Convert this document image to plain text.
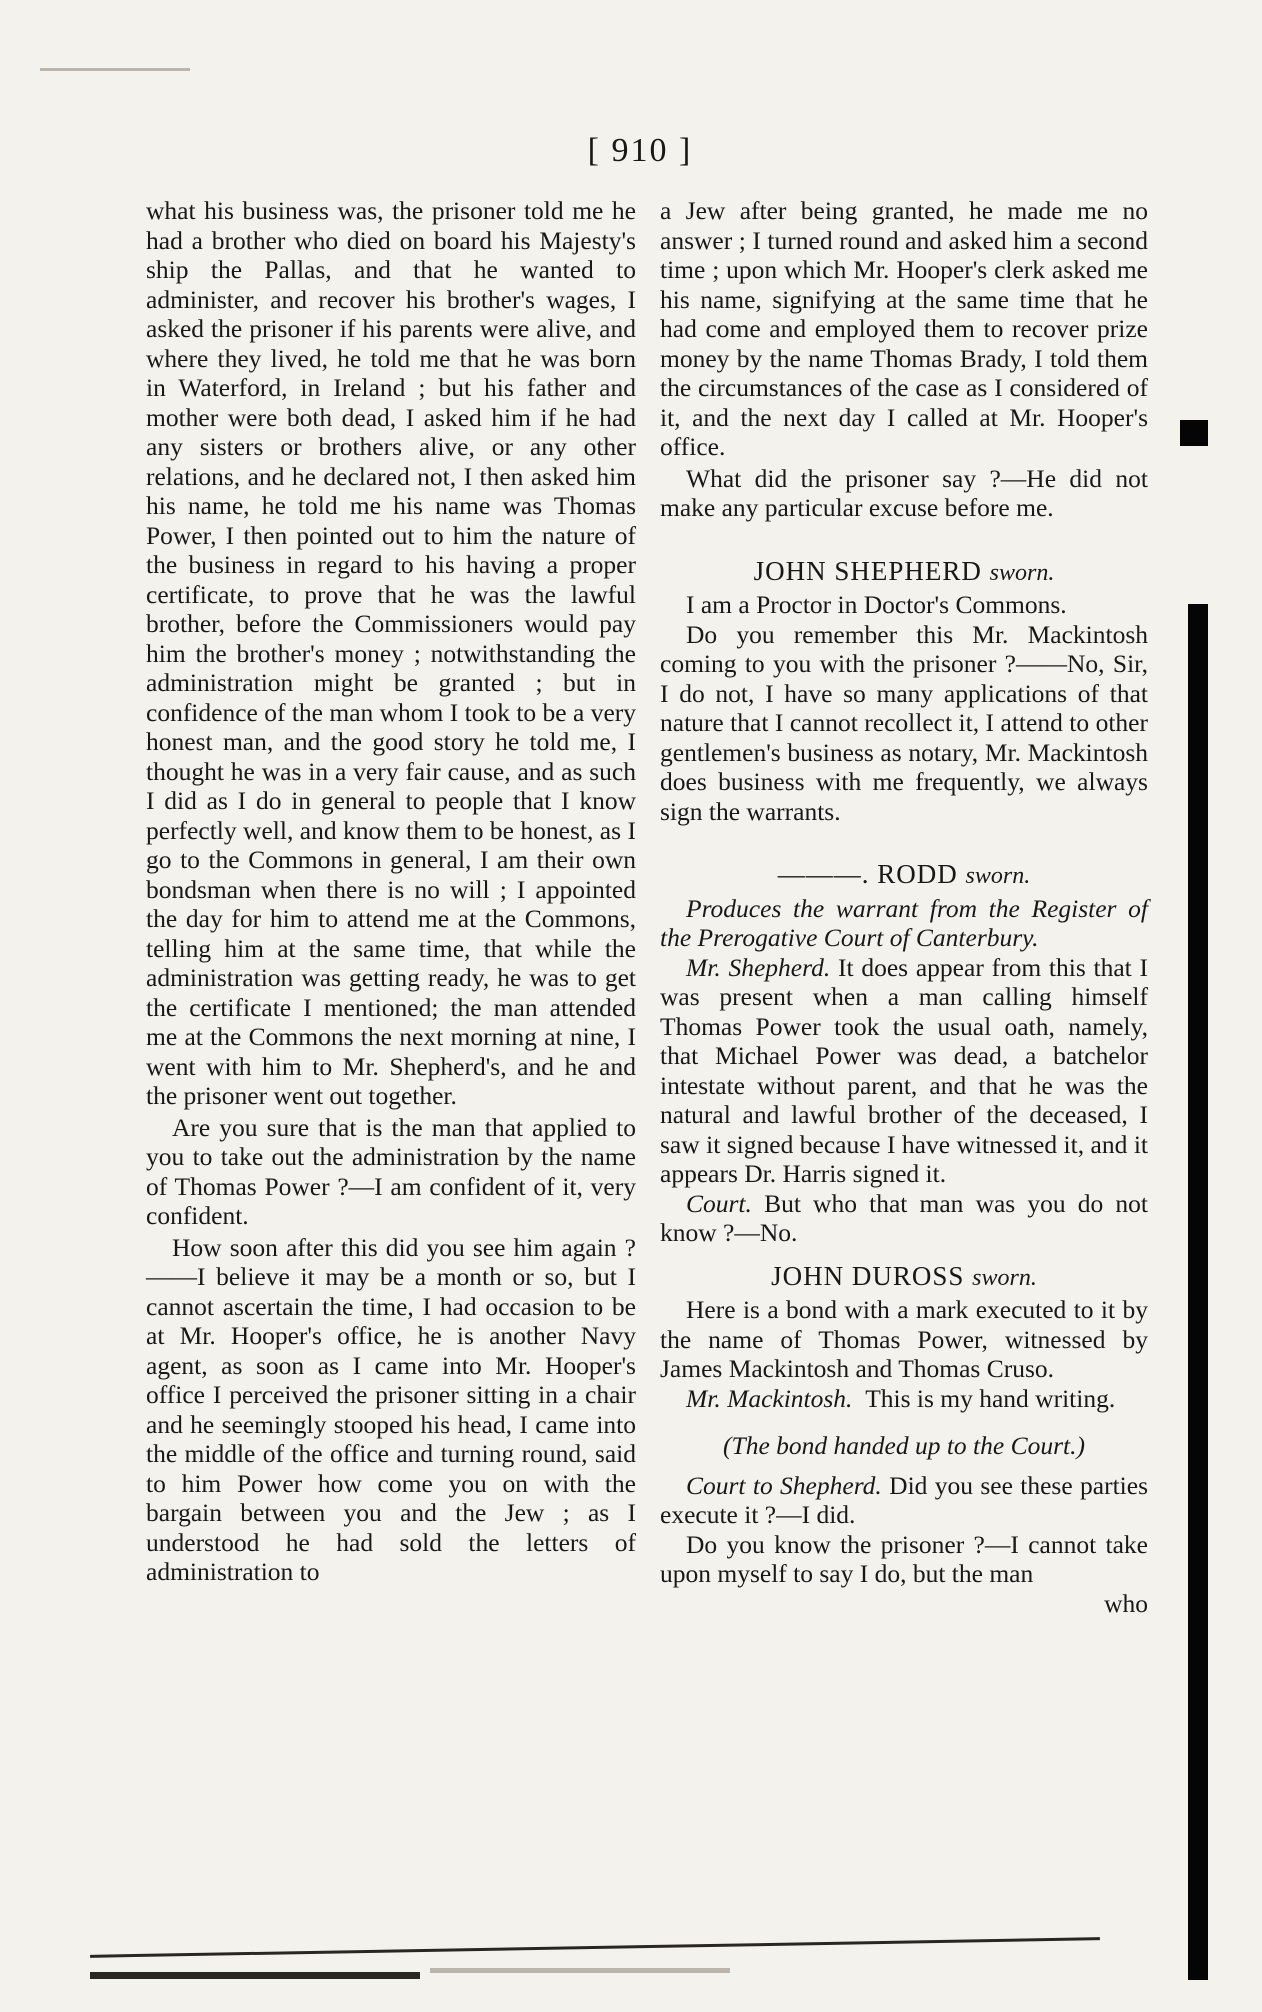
[ 910 ]

what his business was, the prisoner told me he had a brother who died on board his Majesty's ship the Pallas, and that he wanted to administer, and recover his brother's wages, I asked the prisoner if his parents were alive, and where they lived, he told me that he was born in Waterford, in Ireland ; but his father and mother were both dead, I asked him if he had any sisters or brothers alive, or any other relations, and he declared not, I then asked him his name, he told me his name was Thomas Power, I then pointed out to him the nature of the business in regard to his having a proper certificate, to prove that he was the lawful brother, before the Commissioners would pay him the brother's money ; notwithstanding the administration might be granted ; but in confidence of the man whom I took to be a very honest man, and the good story he told me, I thought he was in a very fair cause, and as such I did as I do in general to people that I know perfectly well, and know them to be honest, as I go to the Commons in general, I am their own bondsman when there is no will ; I appointed the day for him to attend me at the Commons, telling him at the same time, that while the administration was getting ready, he was to get the certificate I mentioned; the man attended me at the Commons the next morning at nine, I went with him to Mr. Shepherd's, and he and the prisoner went out together.

Are you sure that is the man that applied to you to take out the administration by the name of Thomas Power ?—I am confident of it, very confident.

How soon after this did you see him again ?——I believe it may be a month or so, but I cannot ascertain the time, I had occasion to be at Mr. Hooper's office, he is another Navy agent, as soon as I came into Mr. Hooper's office I perceived the prisoner sitting in a chair and he seemingly stooped his head, I came into the middle of the office and turning round, said to him Power how come you on with the bargain between you and the Jew ; as I understood he had sold the letters of administration to

a Jew after being granted, he made me no answer ; I turned round and asked him a second time ; upon which Mr. Hooper's clerk asked me his name, signifying at the same time that he had come and employed them to recover prize money by the name Thomas Brady, I told them the circumstances of the case as I considered of it, and the next day I called at Mr. Hooper's office.

What did the prisoner say ?—He did not make any particular excuse before me.

JOHN SHEPHERD sworn.

I am a Proctor in Doctor's Commons.

Do you remember this Mr. Mackintosh coming to you with the prisoner ?——No, Sir, I do not, I have so many applications of that nature that I cannot recollect it, I attend to other gentlemen's business as notary, Mr. Mackintosh does business with me frequently, we always sign the warrants.

———. RODD sworn.

Produces the warrant from the Register of the Prerogative Court of Canterbury.

Mr. Shepherd. It does appear from this that I was present when a man calling himself Thomas Power took the usual oath, namely, that Michael Power was dead, a batchelor intestate without parent, and that he was the natural and lawful brother of the deceased, I saw it signed because I have witnessed it, and it appears Dr. Harris signed it.

Court. But who that man was you do not know ?—No.

JOHN DUROSS sworn.

Here is a bond with a mark executed to it by the name of Thomas Power, witnessed by James Mackintosh and Thomas Cruso.

Mr. Mackintosh. This is my hand writing.

(The bond handed up to the Court.)

Court to Shepherd. Did you see these parties execute it ?—I did.

Do you know the prisoner ?—I cannot take upon myself to say I do, but the man

who
